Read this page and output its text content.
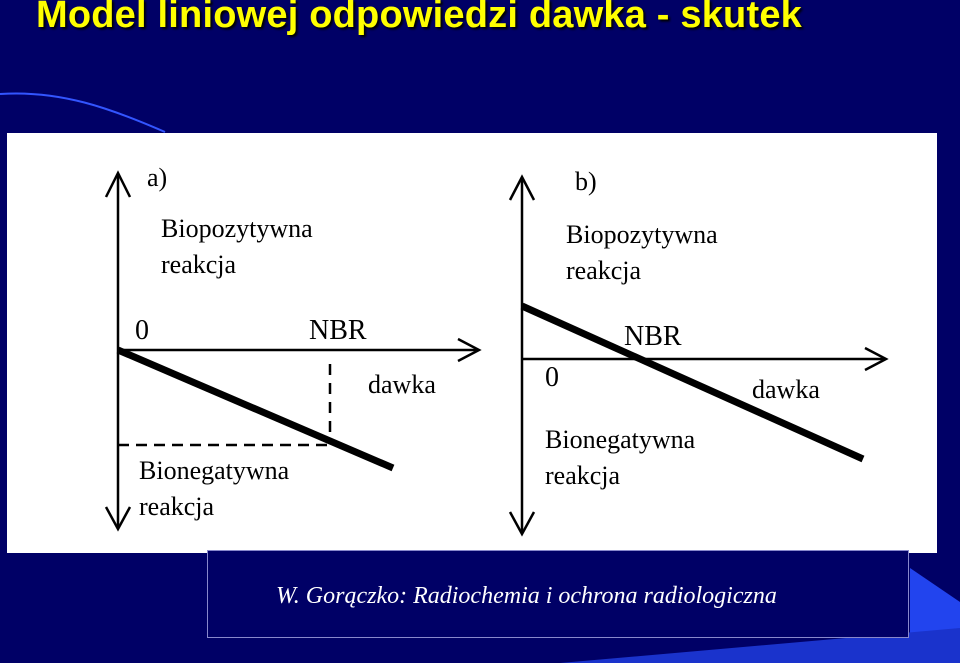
Model liniowej odpowiedzi dawka - skutek
a)
Biopozytywna
reakcja
0	NBR
dawka
Bionegatywna
reakcja
b)
Biopozytywna
reakcja
0
NBR
dawka
Bionegatywna
reakcja
W. Gorączko: Radiochemia i ochrona radiologiczna
